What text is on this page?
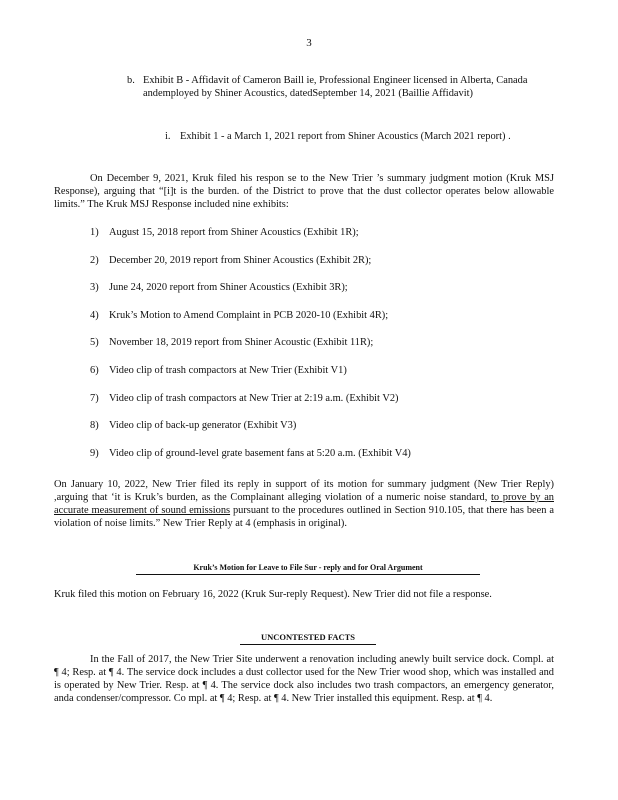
3
b. Exhibit B - Affidavit of Cameron Baill ie, Professional Engineer licensed in Alberta, Canada andemployed by Shiner Acoustics, datedSeptember 14, 2021 (Baillie Affidavit)
i. Exhibit 1 - a March 1, 2021 report from Shiner Acoustics (March 2021 report) .
On December 9, 2021, Kruk filed his respon se to the New Trier ’s summary judgment motion (Kruk MSJ Response), arguing that “[i]t is the burden. of the District to prove that the dust collector operates below allowable limits.” The Kruk MSJ Response included nine exhibits:
1) August 15, 2018 report from Shiner Acoustics (Exhibit 1R);
2) December 20, 2019 report from Shiner Acoustics (Exhibit 2R);
3) June 24, 2020 report from Shiner Acoustics (Exhibit 3R);
4) Kruk’s Motion to Amend Complaint in PCB 2020-10 (Exhibit 4R);
5) November 18, 2019 report from Shiner Acoustic (Exhibit 11R);
6) Video clip of trash compactors at New Trier (Exhibit V1)
7) Video clip of trash compactors at New Trier at 2:19 a.m. (Exhibit V2)
8) Video clip of back-up generator (Exhibit V3)
9) Video clip of ground-level grate basement fans at 5:20 a.m. (Exhibit V4)
On January 10, 2022, New Trier filed its reply in support of its motion for summary judgment (New Trier Reply) ,arguing that ‘it is Kruk’s burden, as the Complainant alleging violation of a numeric noise standard, to prove by an accurate measurement of sound emissions pursuant to the procedures outlined in Section 910.105, that there has been a violation of noise limits.” New Trier Reply at 4 (emphasis in original).
Kruk’s Motion for Leave to File Sur - reply and for Oral Argument
Kruk filed this motion on February 16, 2022 (Kruk Sur-reply Request). New Trier did not file a response.
UNCONTESTED FACTS
In the Fall of 2017, the New Trier Site underwent a renovation including anewly built service dock. Compl. at ¶ 4; Resp. at ¶ 4. The service dock includes a dust collector used for the New Trier wood shop, which was installed and is operated by New Trier. Resp. at ¶ 4. The service dock also includes two trash compactors, an emergency generator, anda condenser/compressor. Co mpl. at ¶ 4; Resp. at ¶ 4. New Trier installed this equipment. Resp. at ¶ 4.
